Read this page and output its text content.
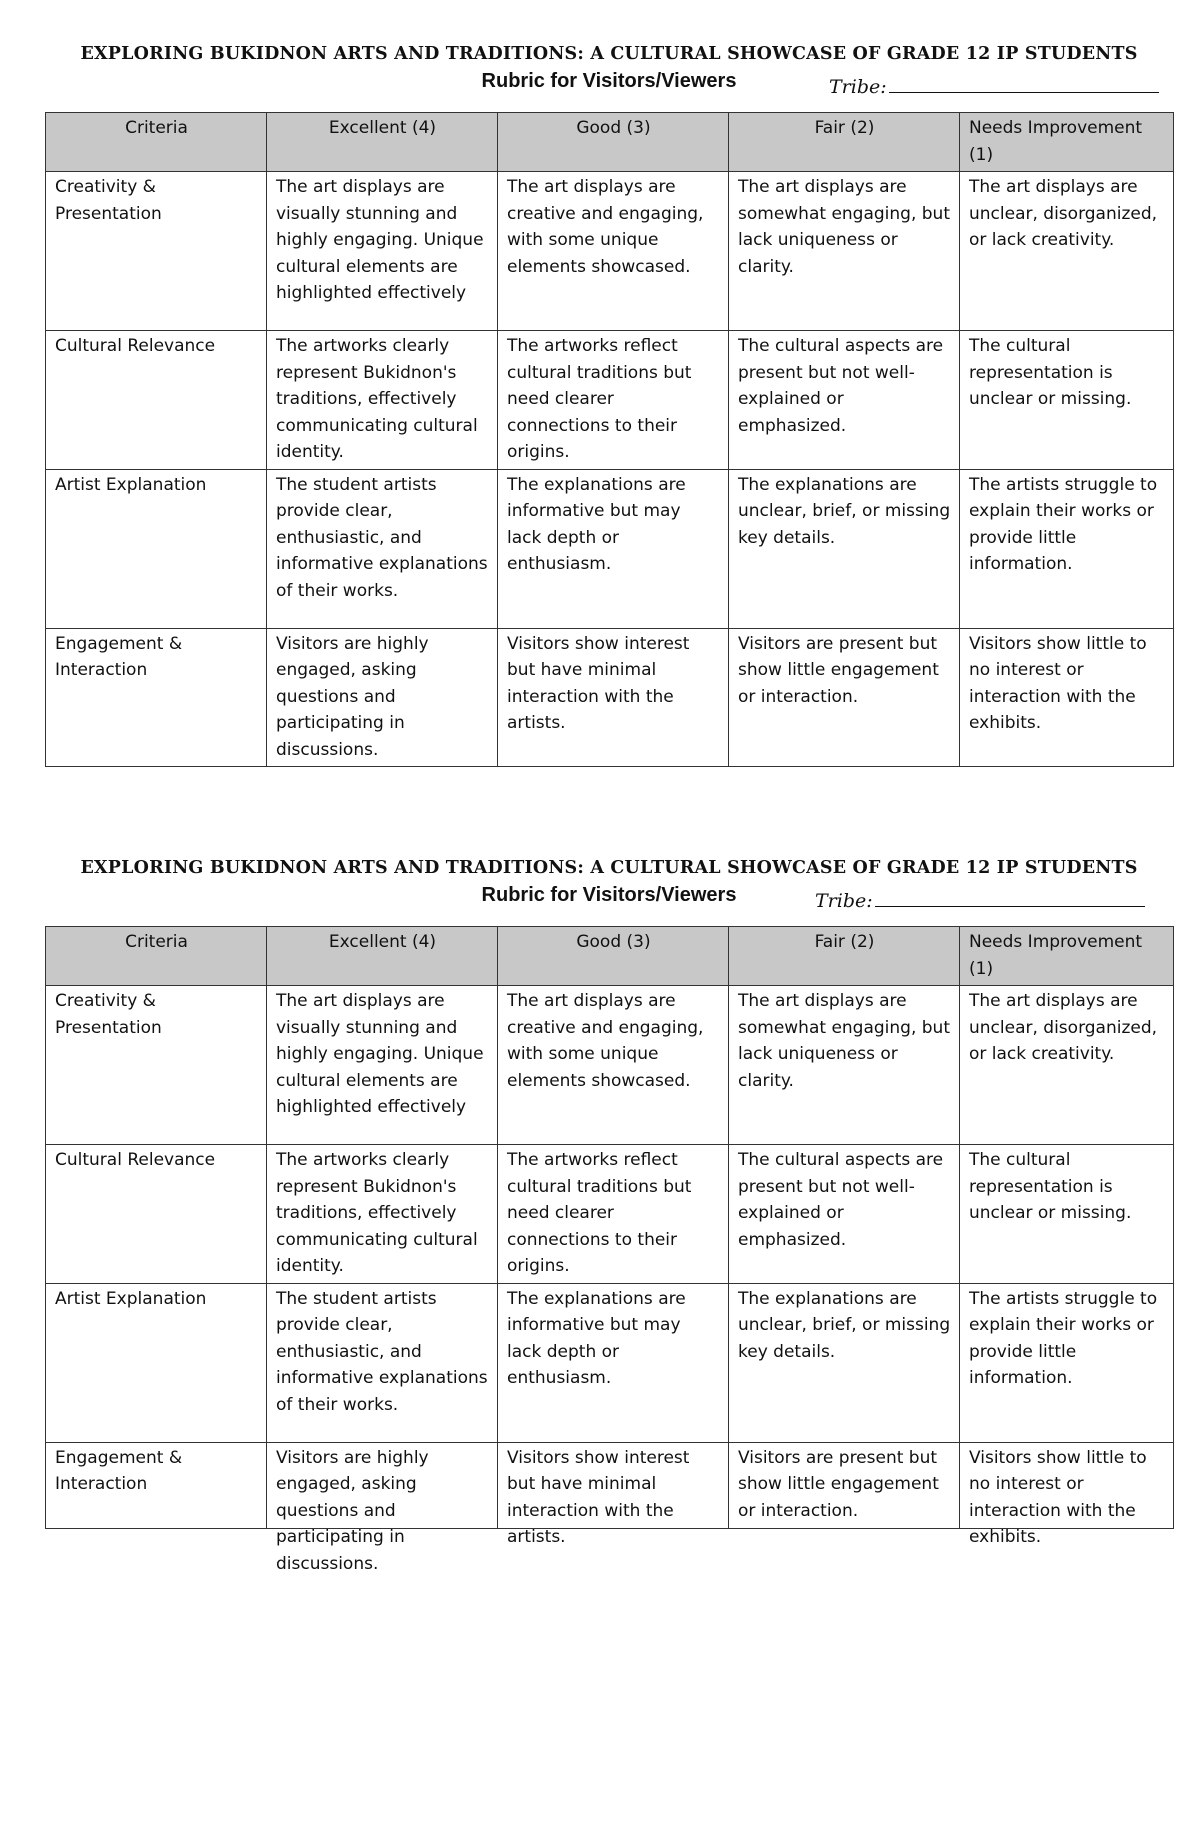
EXPLORING BUKIDNON ARTS AND TRADITIONS: A CULTURAL SHOWCASE OF GRADE 12 IP STUDENTS
Rubric for Visitors/Viewers	Tribe:
Criteria	Excellent (4)	Good (3)	Fair (2)	Needs Improvement (1)
Creativity & Presentation	The art displays are visually stunning and highly engaging. Unique cultural elements are highlighted effectively	The art displays are creative and engaging, with some unique elements showcased.	The art displays are somewhat engaging, but lack uniqueness or clarity.	The art displays are unclear, disorganized, or lack creativity.
Cultural Relevance	The artworks clearly represent Bukidnon's traditions, effectively communicating cultural identity.	The artworks reflect cultural traditions but need clearer connections to their origins.	The cultural aspects are present but not well-explained or emphasized.	The cultural representation is unclear or missing.
Artist Explanation	The student artists provide clear, enthusiastic, and informative explanations of their works.	The explanations are informative but may lack depth or enthusiasm.	The explanations are unclear, brief, or missing key details.	The artists struggle to explain their works or provide little information.
Engagement & Interaction	Visitors are highly engaged, asking questions and participating in discussions.	Visitors show interest but have minimal interaction with the artists.	Visitors are present but show little engagement or interaction.	Visitors show little to no interest or interaction with the exhibits.
EXPLORING BUKIDNON ARTS AND TRADITIONS: A CULTURAL SHOWCASE OF GRADE 12 IP STUDENTS
Rubric for Visitors/Viewers	Tribe:
Criteria	Excellent (4)	Good (3)	Fair (2)	Needs Improvement (1)
Creativity & Presentation	The art displays are visually stunning and highly engaging. Unique cultural elements are highlighted effectively	The art displays are creative and engaging, with some unique elements showcased.	The art displays are somewhat engaging, but lack uniqueness or clarity.	The art displays are unclear, disorganized, or lack creativity.
Cultural Relevance	The artworks clearly represent Bukidnon's traditions, effectively communicating cultural identity.	The artworks reflect cultural traditions but need clearer connections to their origins.	The cultural aspects are present but not well-explained or emphasized.	The cultural representation is unclear or missing.
Artist Explanation	The student artists provide clear, enthusiastic, and informative explanations of their works.	The explanations are informative but may lack depth or enthusiasm.	The explanations are unclear, brief, or missing key details.	The artists struggle to explain their works or provide little information.

Engagement & Interaction	Visitors are highly engaged, asking questions and participating in discussions.	Visitors show interest but have minimal interaction with the artists.	Visitors are present but show little engagement or interaction.	Visitors show little to no interest or interaction with the exhibits.
